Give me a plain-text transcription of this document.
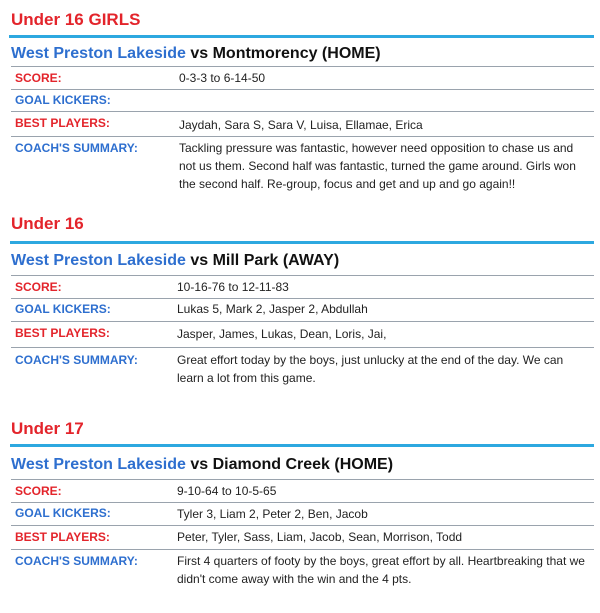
Under 16 GIRLS
West Preston Lakeside vs Montmorency (HOME)
SCORE:	0-3-3 to 6-14-50
GOAL KICKERS:
BEST PLAYERS:	Jaydah, Sara S, Sara V, Luisa, Ellamae, Erica
COACH'S SUMMARY:	Tackling pressure was fantastic, however need opposition to chase us and not us them. Second half was fantastic, turned the game around. Girls won the second half. Re-group, focus and get and up and go again!!
Under 16
West Preston Lakeside vs Mill Park (AWAY)
SCORE:	10-16-76 to 12-11-83
GOAL KICKERS:	Lukas 5, Mark 2, Jasper 2, Abdullah
BEST PLAYERS:	Jasper, James, Lukas, Dean, Loris, Jai,
COACH'S SUMMARY:	Great effort today by the boys, just unlucky at the end of the day. We can learn a lot from this game.
Under 17
West Preston Lakeside vs Diamond Creek (HOME)
SCORE:	9-10-64 to 10-5-65
GOAL KICKERS:	Tyler 3, Liam 2, Peter 2, Ben, Jacob
BEST PLAYERS:	Peter, Tyler, Sass, Liam, Jacob, Sean, Morrison, Todd
COACH'S SUMMARY:	First 4 quarters of footy by the boys, great effort by all. Heartbreaking that we didn't come away with the win and the 4 pts.
